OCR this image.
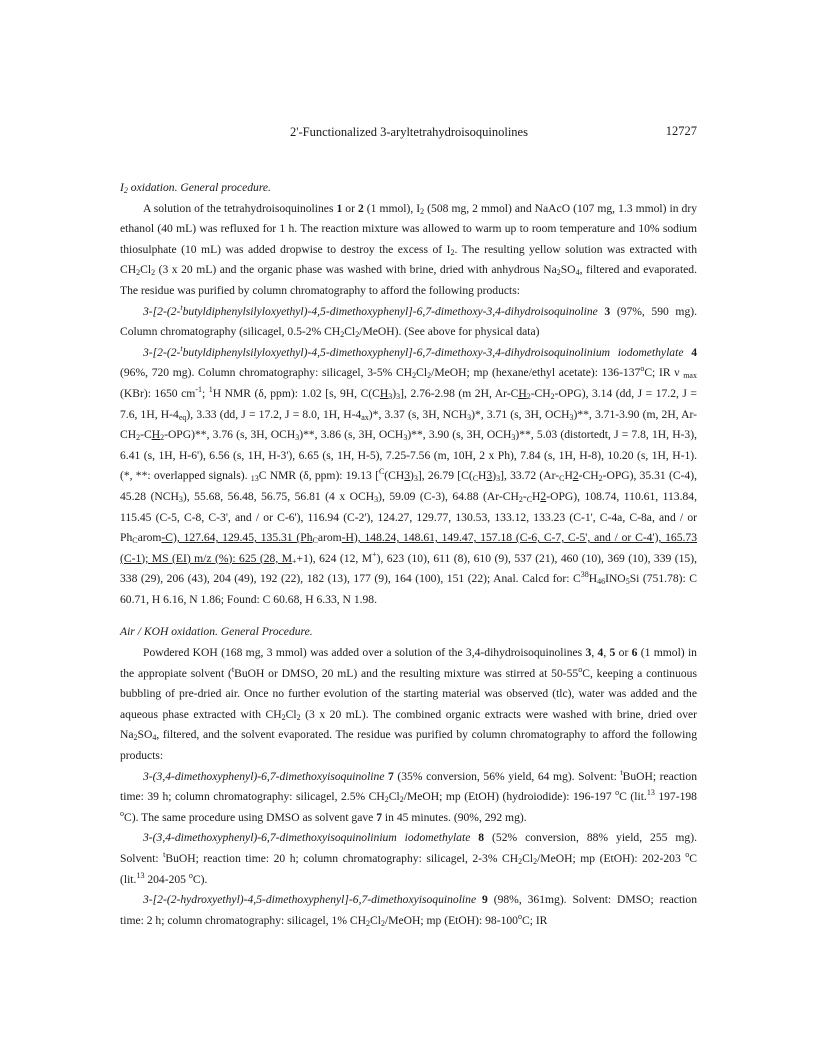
2'-Functionalized 3-aryltetrahydroisoquinolines	12727

$I_2$ oxidation. General procedure.

A solution of the tetrahydroisoquinolines 1 or 2 (1 mmol), $I_2$ (508 mg, 2 mmol) and NaAcO (107 mg, 1.3 mmol) in dry ethanol (40 mL) was refluxed for 1 h. The reaction mixture was allowed to warm up to room temperature and 10% sodium thiosulphate (10 mL) was added dropwise to destroy the excess of $I_2$. The resulting yellow solution was extracted with $CH_2Cl_2$ (3 x 20 mL) and the organic phase was washed with brine, dried with anhydrous $Na_2SO_4$, filtered and evaporated. The residue was purified by column chromatography to afford the following products:

3-[2-(2-$^t$butyldiphenylsilyloxyethyl)-4,5-dimethoxyphenyl]-6,7-dimethoxy-3,4-dihydroisoquinoline 3 (97%, 590 mg). Column chromatography (silicagel, 0.5-2% $CH_2Cl_2/MeOH$). (See above for physical data)

3-[2-(2-$^t$butyldiphenylsilyloxyethyl)-4,5-dimethoxyphenyl]-6,7-dimethoxy-3,4-dihydroisoquinolinium iodomethylate 4 (96%, 720 mg). Column chromatography: silicagel, 3-5% $CH_2Cl_2$/MeOH; mp (hexane/ethyl acetate): 136-137$^o$C; IR ν $_{max}$ (KBr): 1650 $cm^{-1}$; $^1$H NMR (δ, ppm): 1.02 [s, 9H, $C(CH_3)_3$], 2.76-2.98 (m 2H, $Ar-CH_2-CH_2-OPG$), 3.14 (dd, J = 17.2, J = 7.6, 1H, $H-4_{eq}$), 3.33 (dd, J = 17.2, J = 8.0, 1H, $H-4_{ax})*$, 3.37 (s, 3H, $NCH_3)*$, 3.71 (s, 3H, $OCH_3)**$, 3.71-3.90 (m, 2H, $Ar-CH_2-CH_2-OPG)**$, 3.76 (s, 3H, $OCH_3)**$, 3.86 (s, 3H, $OCH_3)**$, 3.90 (s, 3H, $OCH_3)**$, 5.03 (distortedt, J = 7.8, 1H, H-3), 6.41 (s, 1H, H-6'), 6.56 (s, 1H, H-3'), 6.65 (s, 1H, H-5), 7.25-7.56 (m, 10H, 2 x Ph), 7.84 (s, 1H, H-8), 10.20 (s, 1H, H-1). (*, **: overlapped signals). $_{13}$C NMR (δ, ppm): 19.13 $[^C(CH3)_3]$, 26.79 $[C(_CH3)_3]$, 33.72 $(Ar-_CH2-CH_2-OPG)$, 35.31 (C-4), 45.28 $(NCH_3)$, 55.68, 56.48, 56.75, 56.81 (4 x $OCH_3$), 59.09 (C-3), 64.88 $(Ar-CH_2-_CH2-OPG)$, 108.74, 110.61, 113.84, 115.45 (C-5, C-8, C-3', and / or C-6'), 116.94 (C-2'), 124.27, 129.77, 130.53, 133.12, 133.23 (C-1', C-4a, C-8a, and / or $Ph_Carom-C$), 127.64, 129.45, 135.31 $(Ph_Carom-H)$, 148.24, 148.61, 149.47, 157.18 (C-6, C-7, C-5', and / or C-4'), 165.73 (C-1); MS (EI) m/z (%): 625 (28, $M_++1$), 624 (12, M+), 623 (10), 611 (8), 610 (9), 537 (21), 460 (10), 369 (10), 339 (15), 338 (29), 206 (43), 204 (49), 192 (22), 182 (13), 177 (9), 164 (100), 151 (22); Anal. Calcd for: $C^{38}H_{46}INO_5Si$ (751.78): C 60.71, H 6.16, N 1.86; Found: C 60.68, H 6.33, N 1.98.

Air / KOH oxidation. General Procedure.

Powdered KOH (168 mg, 3 mmol) was added over a solution of the 3,4-dihydroisoquinolines 3, 4, 5 or 6 (1 mmol) in the appropiate solvent ($^t$BuOH or DMSO, 20 mL) and the resulting mixture was stirred at 50-55$^o$C, keeping a continuous bubbling of pre-dried air. Once no further evolution of the starting material was observed (tlc), water was added and the aqueous phase extracted with $CH_2Cl_2$ (3 x 20 mL). The combined organic extracts were washed with brine, dried over $Na_2SO_4$, filtered, and the solvent evaporated. The residue was purified by column chromatography to afford the following products:

3-(3,4-dimethoxyphenyl)-6,7-dimethoxyisoquinoline 7 (35% conversion, 56% yield, 64 mg). Solvent: $^t$BuOH; reaction time: 39 h; column chromatography: silicagel, 2.5% $CH_2Cl_2$/MeOH; mp (EtOH) (hydroiodide): 196-197 $^o$C (lit.$^{13}$ 197-198 $^o$C). The same procedure using DMSO as solvent gave 7 in 45 minutes. (90%, 292 mg).

3-(3,4-dimethoxyphenyl)-6,7-dimethoxyisoquinolinium iodomethylate 8 (52% conversion, 88% yield, 255 mg). Solvent: $^t$BuOH; reaction time: 20 h; column chromatography: silicagel, 2-3% $CH_2Cl_2$/MeOH; mp (EtOH): 202-203 $^o$C (lit.$^{13}$ 204-205 $^o$C).

3-[2-(2-hydroxyethyl)-4,5-dimethoxyphenyl]-6,7-dimethoxyisoquinoline 9 (98%, 361mg). Solvent: DMSO; reaction time: 2 h; column chromatography: silicagel, 1% $CH_2Cl_2$/MeOH; mp (EtOH): 98-100$^o$C; IR
